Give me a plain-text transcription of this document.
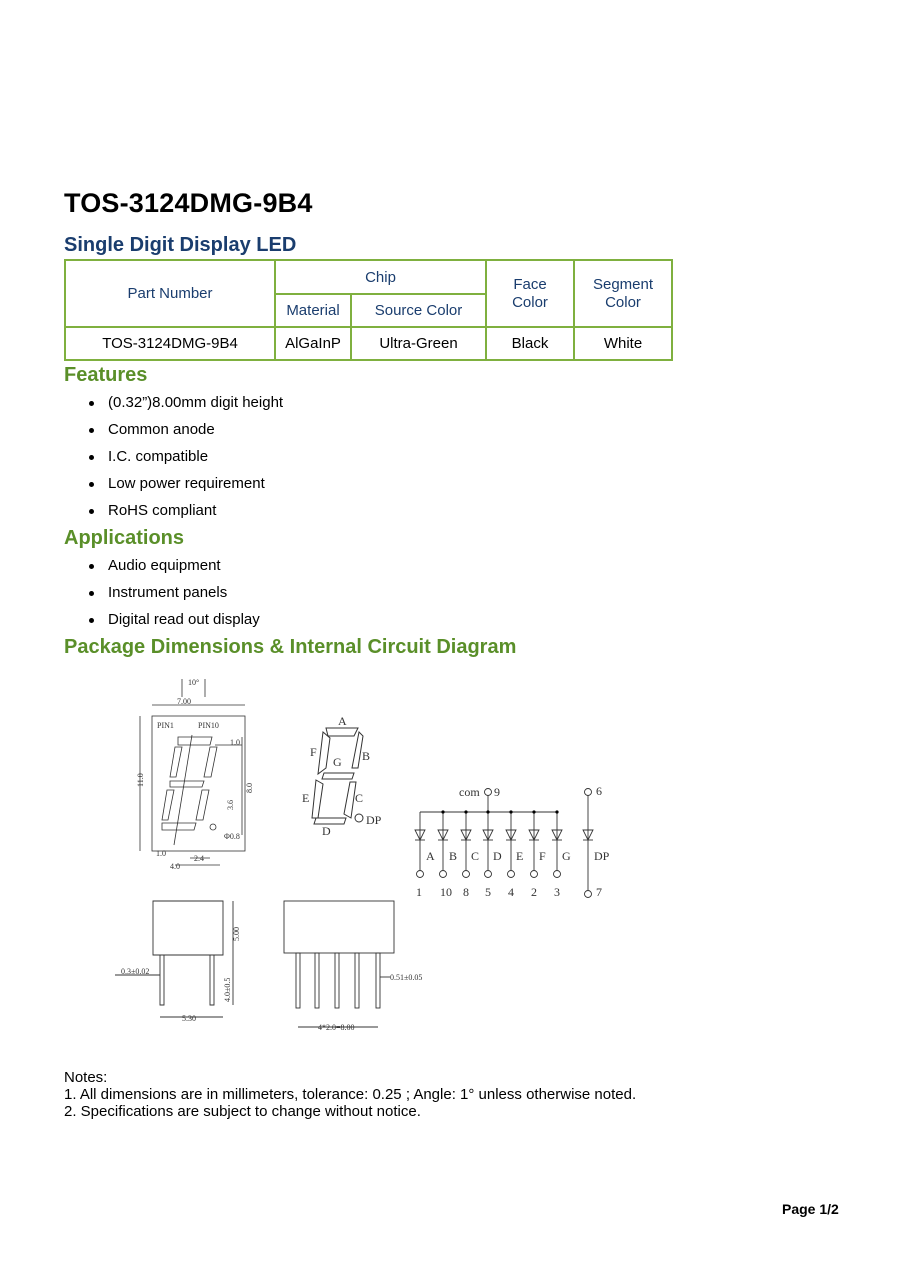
TOS-3124DMG-9B4
Single Digit Display LED
Part Number	Chip		Face Color	Segment Color
	Material	Source Color		
TOS-3124DMG-9B4	AlGaInP	Ultra-Green	Black	White
Features
(0.32”)8.00mm digit height
Common anode
I.C. compatible
Low power requirement
RoHS compliant
Applications
Audio equipment
Instrument panels
Digital read out display
Package Dimensions & Internal Circuit Diagram
10°
7.00
PIN1	PIN10
11.0
8.0
1.0
3.6
Φ0.8
1.0
4.0
2.4
A
F	B
G
E	C
D
DP
com 9
A B C D E F G
1 10 8 5 4 2 3
DP
6
7
0.3±0.02
5.00
4.0±0.5
5.30
0.51±0.05
4*2.0=8.00
Notes:
1. All dimensions are in millimeters, tolerance: 0.25 ; Angle: 1° unless otherwise noted.
2. Specifications are subject to change without notice.
Page 1/2
